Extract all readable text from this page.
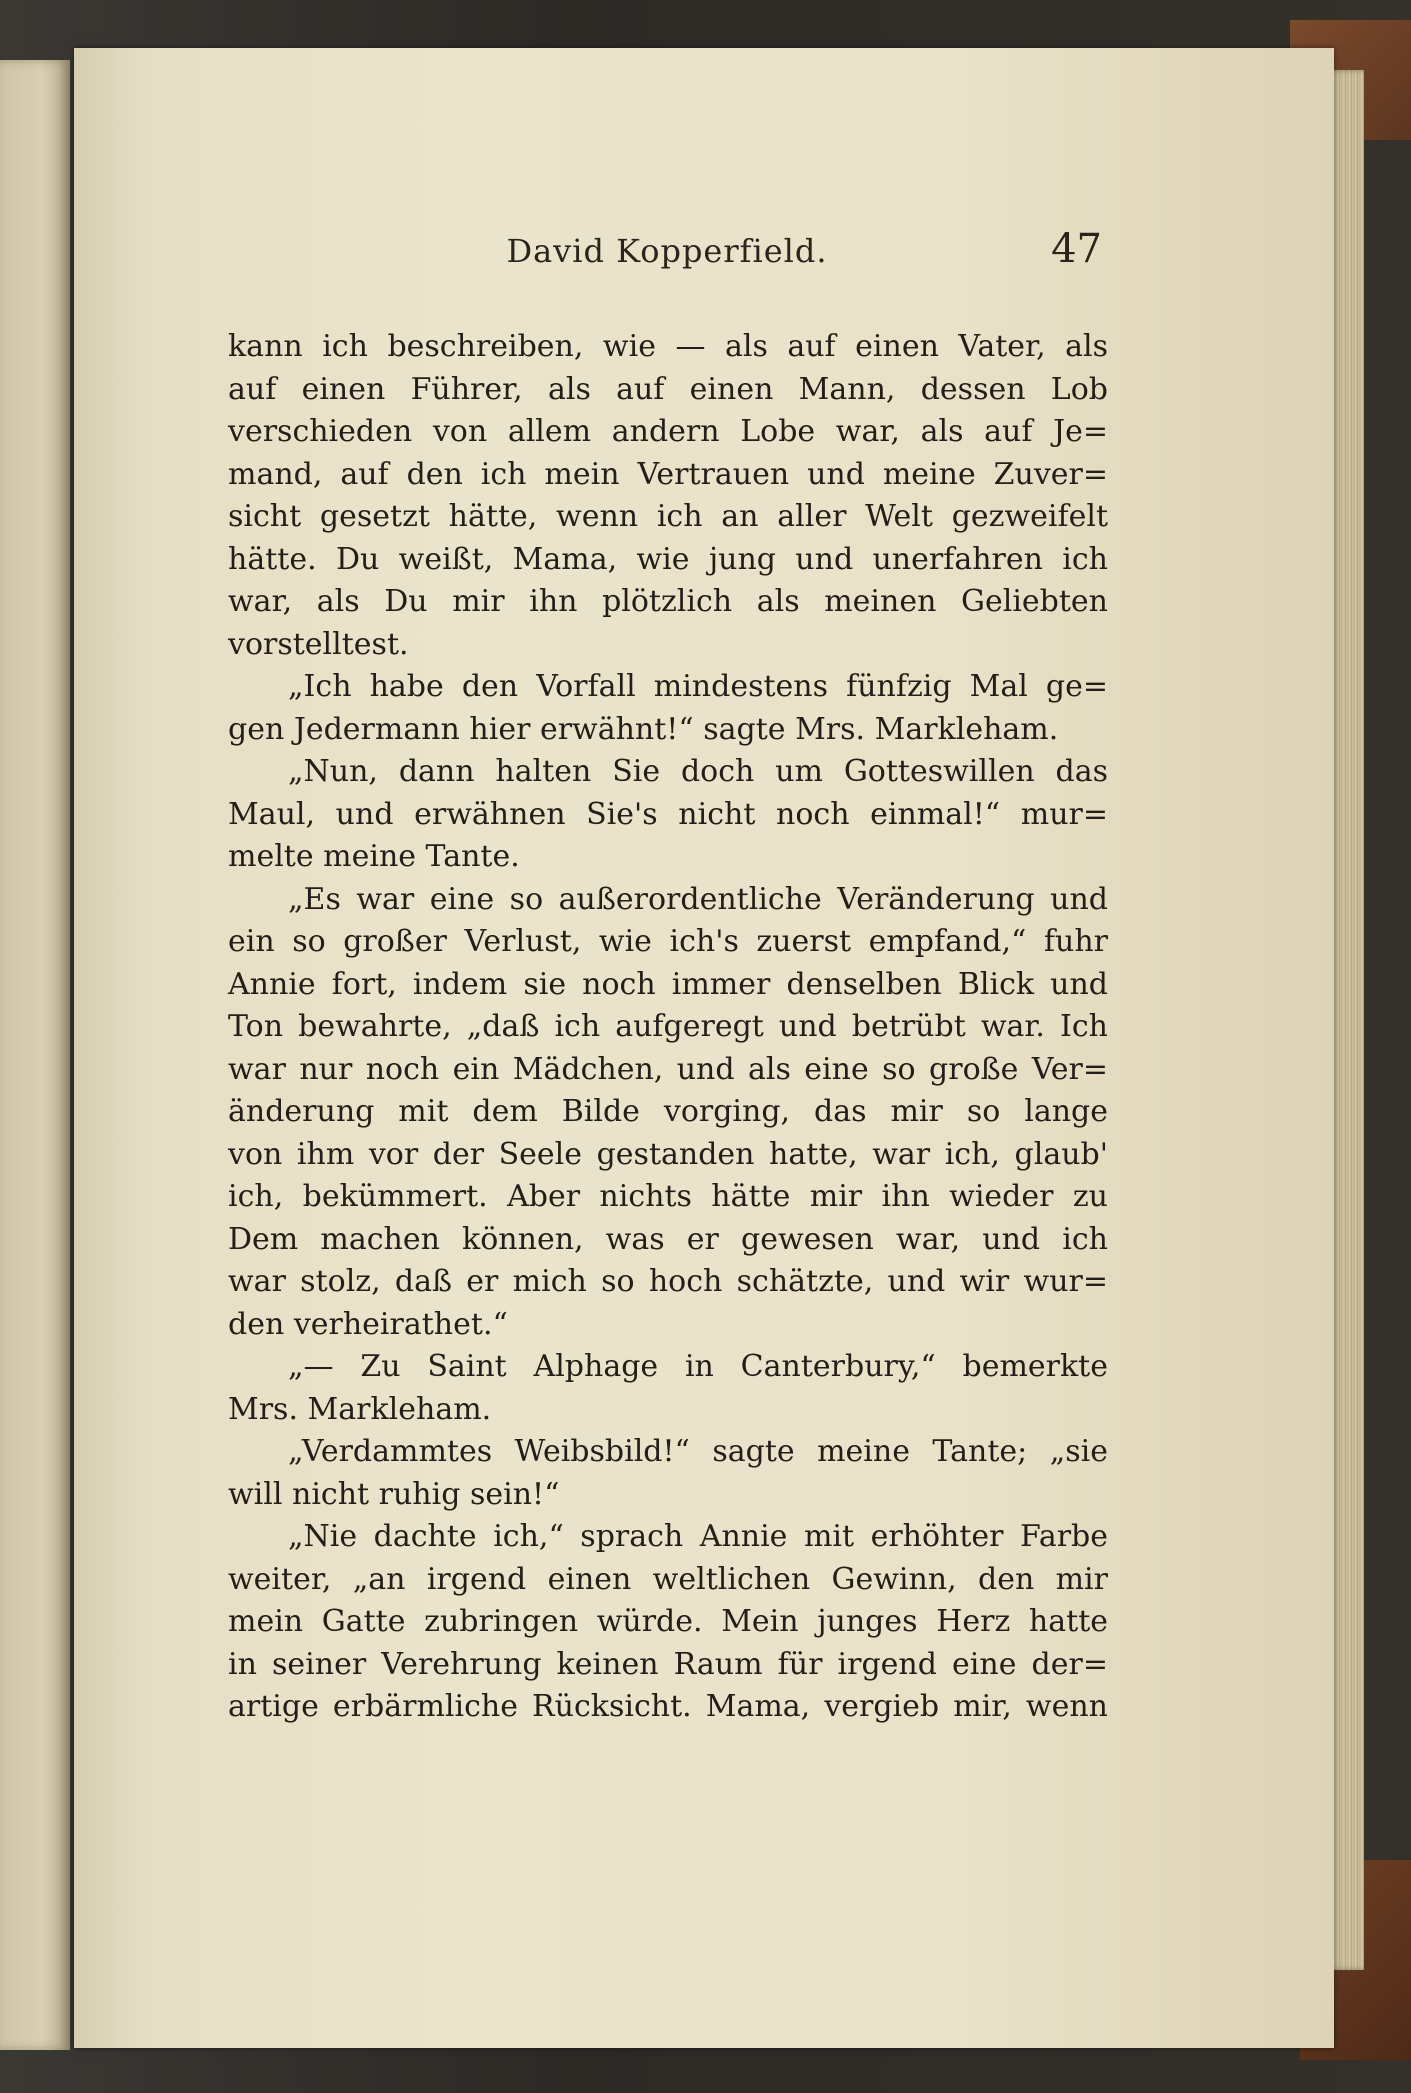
David Kopperfield.	47
kann ich beschreiben, wie — als auf einen Vater, als
auf einen Führer, als auf einen Mann, dessen Lob
verschieden von allem andern Lobe war, als auf Je=
mand, auf den ich mein Vertrauen und meine Zuver=
sicht gesetzt hätte, wenn ich an aller Welt gezweifelt
hätte. Du weißt, Mama, wie jung und unerfahren ich
war, als Du mir ihn plötzlich als meinen Geliebten
vorstelltest.
„Ich habe den Vorfall mindestens fünfzig Mal ge=
gen Jedermann hier erwähnt!“ sagte Mrs. Markleham.
„Nun, dann halten Sie doch um Gotteswillen das
Maul, und erwähnen Sie's nicht noch einmal!“ mur=
melte meine Tante.
„Es war eine so außerordentliche Veränderung und
ein so großer Verlust, wie ich's zuerst empfand,“ fuhr
Annie fort, indem sie noch immer denselben Blick und
Ton bewahrte, „daß ich aufgeregt und betrübt war. Ich
war nur noch ein Mädchen, und als eine so große Ver=
änderung mit dem Bilde vorging, das mir so lange
von ihm vor der Seele gestanden hatte, war ich, glaub'
ich, bekümmert. Aber nichts hätte mir ihn wieder zu
Dem machen können, was er gewesen war, und ich
war stolz, daß er mich so hoch schätzte, und wir wur=
den verheirathet.“
„— Zu Saint Alphage in Canterbury,“ bemerkte
Mrs. Markleham.
„Verdammtes Weibsbild!“ sagte meine Tante; „sie
will nicht ruhig sein!“
„Nie dachte ich,“ sprach Annie mit erhöhter Farbe
weiter, „an irgend einen weltlichen Gewinn, den mir
mein Gatte zubringen würde. Mein junges Herz hatte
in seiner Verehrung keinen Raum für irgend eine der=
artige erbärmliche Rücksicht. Mama, vergieb mir, wenn
